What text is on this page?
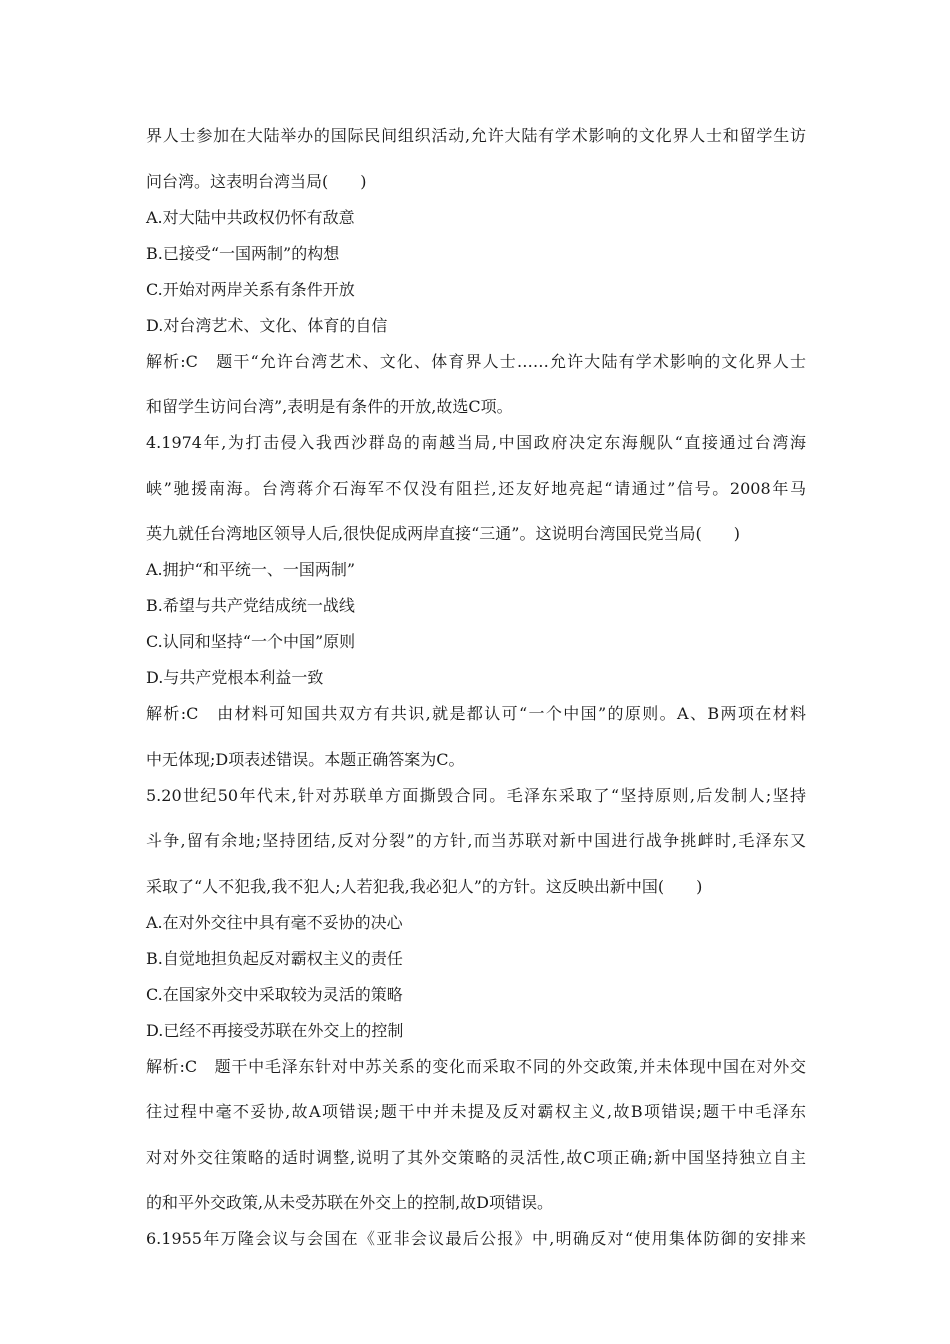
界人士参加在大陆举办的国际民间组织活动,允许大陆有学术影响的文化界人士和留学生访
问台湾。这表明台湾当局(　　)
A.对大陆中共政权仍怀有敌意
B.已接受“一国两制”的构想
C.开始对两岸关系有条件开放
D.对台湾艺术、文化、体育的自信
解析:C　题干“允许台湾艺术、文化、体育界人士……允许大陆有学术影响的文化界人士
和留学生访问台湾”,表明是有条件的开放,故选C项。
4.1974年,为打击侵入我西沙群岛的南越当局,中国政府决定东海舰队“直接通过台湾海
峡”驰援南海。台湾蒋介石海军不仅没有阻拦,还友好地亮起“请通过”信号。2008年马
英九就任台湾地区领导人后,很快促成两岸直接“三通”。这说明台湾国民党当局(　　)
A.拥护“和平统一、一国两制”
B.希望与共产党结成统一战线
C.认同和坚持“一个中国”原则
D.与共产党根本利益一致
解析:C　由材料可知国共双方有共识,就是都认可“一个中国”的原则。A、B两项在材料
中无体现;D项表述错误。本题正确答案为C。
5.20世纪50年代末,针对苏联单方面撕毁合同。毛泽东采取了“坚持原则,后发制人;坚持
斗争,留有余地;坚持团结,反对分裂”的方针,而当苏联对新中国进行战争挑衅时,毛泽东又
采取了“人不犯我,我不犯人;人若犯我,我必犯人”的方针。这反映出新中国(　　)
A.在对外交往中具有毫不妥协的决心
B.自觉地担负起反对霸权主义的责任
C.在国家外交中采取较为灵活的策略
D.已经不再接受苏联在外交上的控制
解析:C　题干中毛泽东针对中苏关系的变化而采取不同的外交政策,并未体现中国在对外交
往过程中毫不妥协,故A项错误;题干中并未提及反对霸权主义,故B项错误;题干中毛泽东
对对外交往策略的适时调整,说明了其外交策略的灵活性,故C项正确;新中国坚持独立自主
的和平外交政策,从未受苏联在外交上的控制,故D项错误。
6.1955年万隆会议与会国在《亚非会议最后公报》中,明确反对“使用集体防御的安排来
